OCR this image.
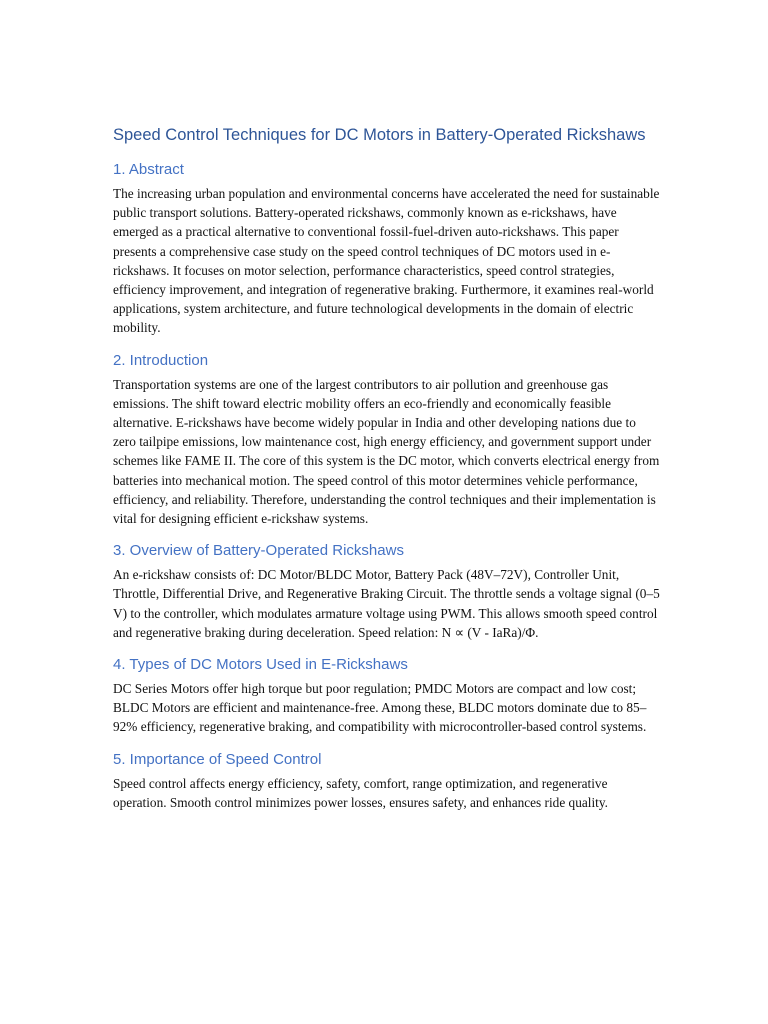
Speed Control Techniques for DC Motors in Battery-Operated Rickshaws
1. Abstract

The increasing urban population and environmental concerns have accelerated the need for sustainable public transport solutions. Battery-operated rickshaws, commonly known as e-rickshaws, have emerged as a practical alternative to conventional fossil-fuel-driven auto-rickshaws. This paper presents a comprehensive case study on the speed control techniques of DC motors used in e-rickshaws. It focuses on motor selection, performance characteristics, speed control strategies, efficiency improvement, and integration of regenerative braking. Furthermore, it examines real-world applications, system architecture, and future technological developments in the domain of electric mobility.

2. Introduction

Transportation systems are one of the largest contributors to air pollution and greenhouse gas emissions. The shift toward electric mobility offers an eco-friendly and economically feasible alternative. E-rickshaws have become widely popular in India and other developing nations due to zero tailpipe emissions, low maintenance cost, high energy efficiency, and government support under schemes like FAME II. The core of this system is the DC motor, which converts electrical energy from batteries into mechanical motion. The speed control of this motor determines vehicle performance, efficiency, and reliability. Therefore, understanding the control techniques and their implementation is vital for designing efficient e-rickshaw systems.

3. Overview of Battery-Operated Rickshaws

An e-rickshaw consists of: DC Motor/BLDC Motor, Battery Pack (48V–72V), Controller Unit, Throttle, Differential Drive, and Regenerative Braking Circuit. The throttle sends a voltage signal (0–5 V) to the controller, which modulates armature voltage using PWM. This allows smooth speed control and regenerative braking during deceleration. Speed relation: N ∝ (V - IaRa)/Φ.

4. Types of DC Motors Used in E-Rickshaws

DC Series Motors offer high torque but poor regulation; PMDC Motors are compact and low cost; BLDC Motors are efficient and maintenance-free. Among these, BLDC motors dominate due to 85–92% efficiency, regenerative braking, and compatibility with microcontroller-based control systems.

5. Importance of Speed Control

Speed control affects energy efficiency, safety, comfort, range optimization, and regenerative operation. Smooth control minimizes power losses, ensures safety, and enhances ride quality.
